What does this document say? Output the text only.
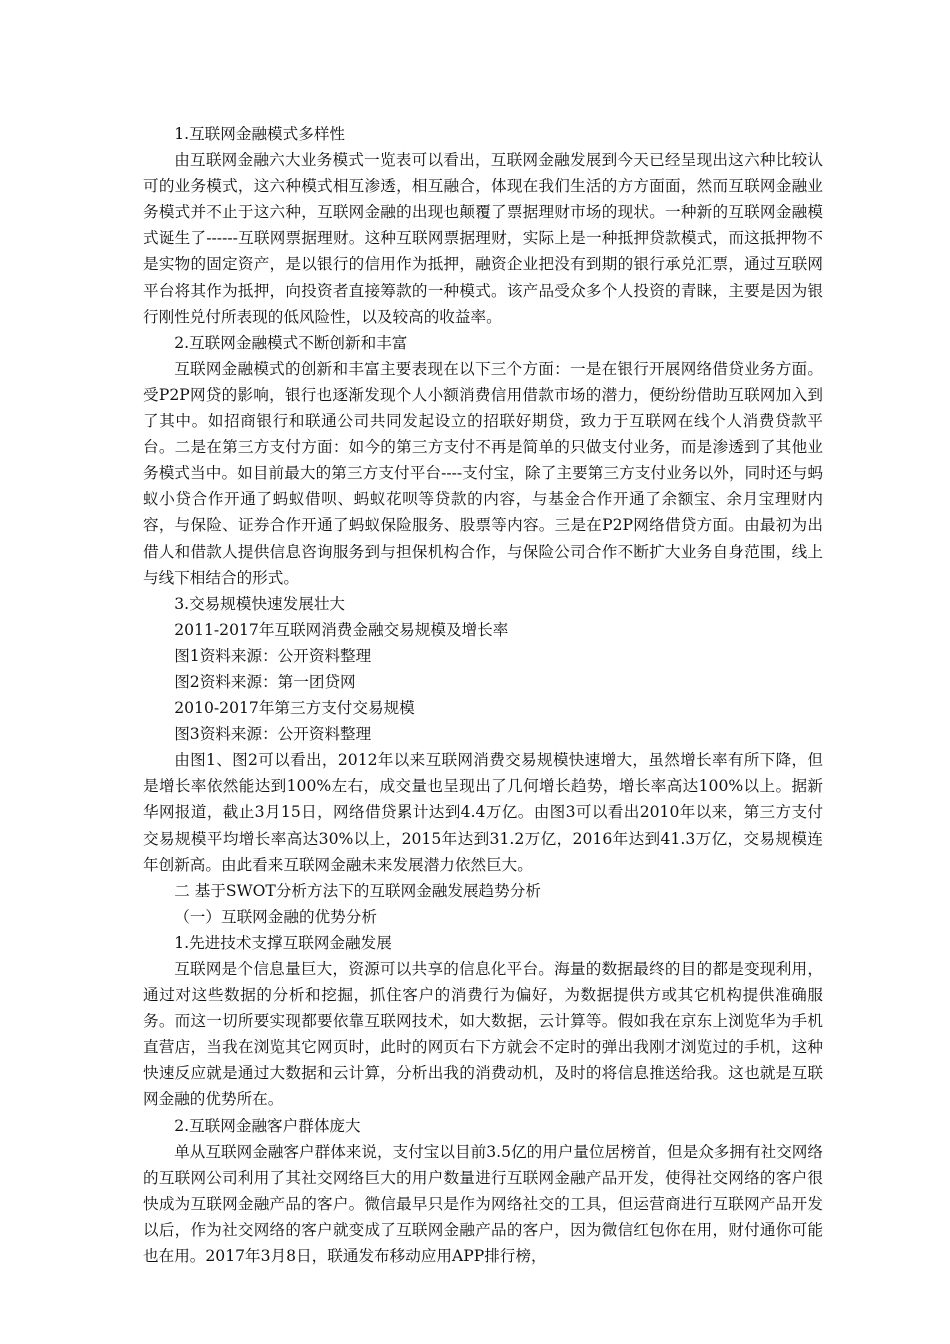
1.互联网金融模式多样性

由互联网金融六大业务模式一览表可以看出，互联网金融发展到今天已经呈现出这六种比较认可的业务模式，这六种模式相互渗透，相互融合，体现在我们生活的方方面面，然而互联网金融业务模式并不止于这六种，互联网金融的出现也颠覆了票据理财市场的现状。一种新的互联网金融模式诞生了------互联网票据理财。这种互联网票据理财，实际上是一种抵押贷款模式，而这抵押物不是实物的固定资产，是以银行的信用作为抵押，融资企业把没有到期的银行承兑汇票，通过互联网平台将其作为抵押，向投资者直接筹款的一种模式。该产品受众多个人投资的青睐，主要是因为银行刚性兑付所表现的低风险性，以及较高的收益率。

2.互联网金融模式不断创新和丰富

互联网金融模式的创新和丰富主要表现在以下三个方面：一是在银行开展网络借贷业务方面。受P2P网贷的影响，银行也逐渐发现个人小额消费信用借款市场的潜力，便纷纷借助互联网加入到了其中。如招商银行和联通公司共同发起设立的招联好期贷，致力于互联网在线个人消费贷款平台。二是在第三方支付方面：如今的第三方支付不再是简单的只做支付业务，而是渗透到了其他业务模式当中。如目前最大的第三方支付平台----支付宝，除了主要第三方支付业务以外，同时还与蚂蚁小贷合作开通了蚂蚁借呗、蚂蚁花呗等贷款的内容，与基金合作开通了余额宝、余月宝理财内容，与保险、证券合作开通了蚂蚁保险服务、股票等内容。三是在P2P网络借贷方面。由最初为出借人和借款人提供信息咨询服务到与担保机构合作，与保险公司合作不断扩大业务自身范围，线上与线下相结合的形式。

3.交易规模快速发展壮大

2011-2017年互联网消费金融交易规模及增长率

图1资料来源：公开资料整理

图2资料来源：第一团贷网

2010-2017年第三方支付交易规模

图3资料来源：公开资料整理

由图1、图2可以看出，2012年以来互联网消费交易规模快速增大，虽然增长率有所下降，但是增长率依然能达到100%左右，成交量也呈现出了几何增长趋势，增长率高达100%以上。据新华网报道，截止3月15日，网络借贷累计达到4.4万亿。由图3可以看出2010年以来，第三方支付交易规模平均增长率高达30%以上，2015年达到31.2万亿，2016年达到41.3万亿，交易规模连年创新高。由此看来互联网金融未来发展潜力依然巨大。

二 基于SWOT分析方法下的互联网金融发展趋势分析

（一）互联网金融的优势分析

1.先进技术支撑互联网金融发展

互联网是个信息量巨大，资源可以共享的信息化平台。海量的数据最终的目的都是变现利用，通过对这些数据的分析和挖掘，抓住客户的消费行为偏好，为数据提供方或其它机构提供准确服务。而这一切所要实现都要依靠互联网技术，如大数据，云计算等。假如我在京东上浏览华为手机直营店，当我在浏览其它网页时，此时的网页右下方就会不定时的弹出我刚才浏览过的手机，这种快速反应就是通过大数据和云计算，分析出我的消费动机，及时的将信息推送给我。这也就是互联网金融的优势所在。

2.互联网金融客户群体庞大

单从互联网金融客户群体来说，支付宝以目前3.5亿的用户量位居榜首，但是众多拥有社交网络的互联网公司利用了其社交网络巨大的用户数量进行互联网金融产品开发，使得社交网络的客户很快成为互联网金融产品的客户。微信最早只是作为网络社交的工具，但运营商进行互联网产品开发以后，作为社交网络的客户就变成了互联网金融产品的客户，因为微信红包你在用，财付通你可能也在用。2017年3月8日，联通发布移动应用APP排行榜，
